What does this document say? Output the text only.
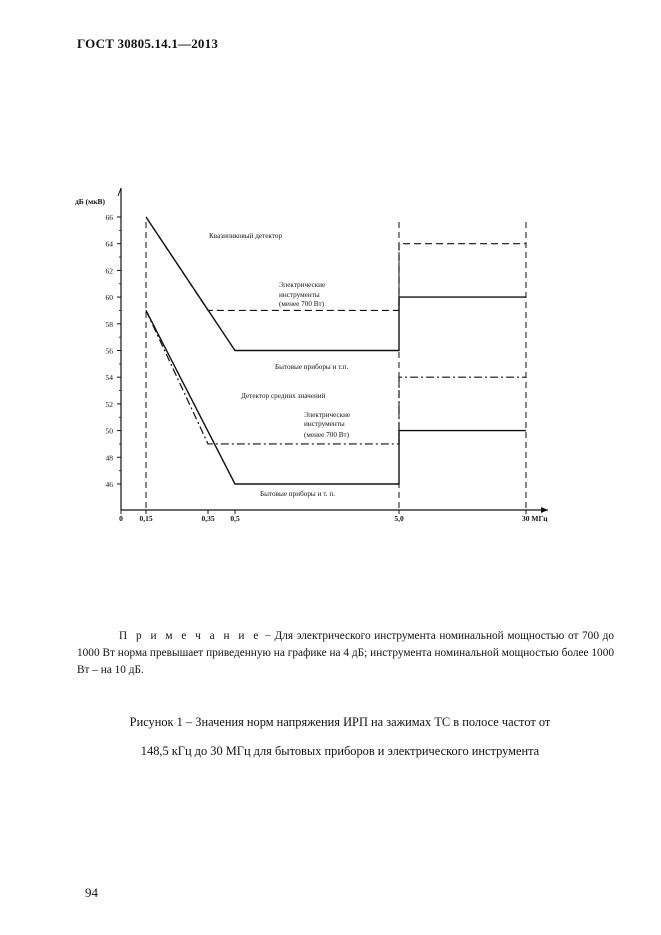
ГОСТ 30805.14.1—2013
46
48
50
52
54
56
58
60
62
64
66
дБ (мкВ)
0 0,15	0,35 0,5	5,0	30 МГц
Квазипиковый детектор
Электрические
инструменты
(менее 700 Вт)
Бытовые приборы и т.п.
Детектор средних значений
Электрические
инструменты
(менее 700 Вт)
Бытовые приборы и т. п.
П р и м е ч а н и е − Для электрического инструмента номинальной мощностью от 700 до 1000 Вт норма превышает приведенную на графике на 4 дБ; инструмента номинальной мощностью более 1000 Вт – на 10 дБ.
Рисунок 1 – Значения норм напряжения ИРП на зажимах ТС в полосе частот от
148,5 кГц до 30 МГц для бытовых приборов и электрического инструмента
94
